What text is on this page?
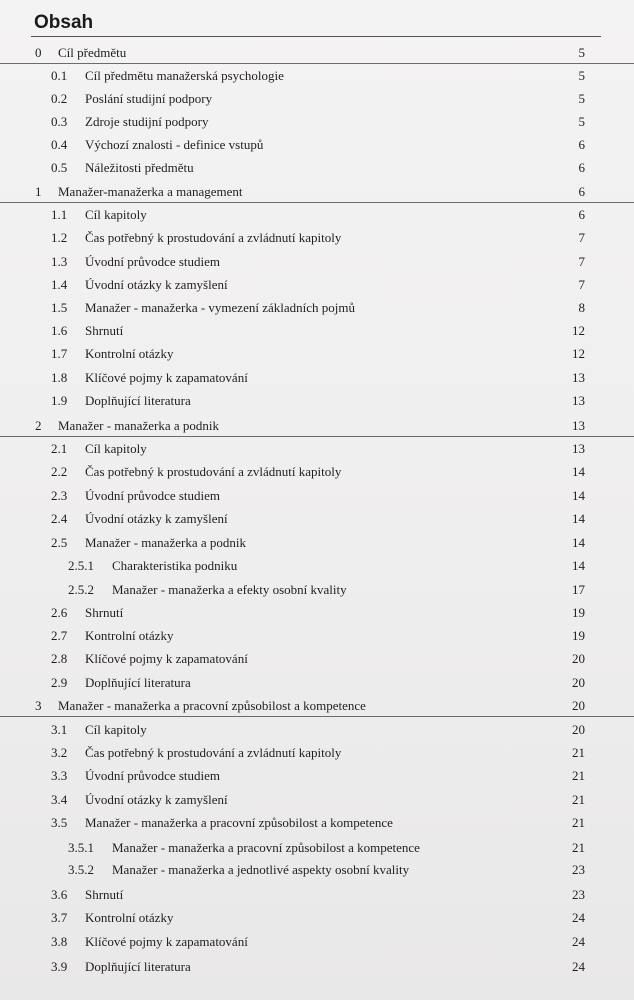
Obsah
0 Cíl předmětu	5
0.1 Cíl předmětu manažerská psychologie	5
0.2 Poslání studijní podpory	5
0.3 Zdroje studijní podpory	5
0.4 Výchozí znalosti - definice vstupů	6
0.5 Náležitosti předmětu	6
1 Manažer-manažerka a management	6
1.1 Cíl kapitoly	6
1.2 Čas potřebný k prostudování a zvládnutí kapitoly	7
1.3 Úvodní průvodce studiem	7
1.4 Úvodní otázky k zamyšlení	7
1.5 Manažer - manažerka - vymezení základních pojmů	8
1.6 Shrnutí	12
1.7 Kontrolní otázky	12
1.8 Klíčové pojmy k zapamatování	13
1.9 Doplňující literatura	13
2 Manažer - manažerka a podnik	13
2.1 Cíl kapitoly	13
2.2 Čas potřebný k prostudování a zvládnutí kapitoly	14
2.3 Úvodní průvodce studiem	14
2.4 Úvodní otázky k zamyšlení	14
2.5 Manažer - manažerka a podnik	14
2.5.1 Charakteristika podniku	14
2.5.2 Manažer - manažerka a efekty osobní kvality	17
2.6 Shrnutí	19
2.7 Kontrolní otázky	19
2.8 Klíčové pojmy k zapamatování	20
2.9 Doplňující literatura	20
3 Manažer - manažerka a pracovní způsobilost a kompetence	20
3.1 Cíl kapitoly	20
3.2 Čas potřebný k prostudování a zvládnutí kapitoly	21
3.3 Úvodní průvodce studiem	21
3.4 Úvodní otázky k zamyšlení	21
3.5 Manažer - manažerka a pracovní způsobilost a kompetence	21
3.5.1 Manažer - manažerka a pracovní způsobilost a kompetence	21
3.5.2 Manažer - manažerka a jednotlivé aspekty osobní kvality	23
3.6 Shrnutí	23
3.7 Kontrolní otázky	24
3.8 Klíčové pojmy k zapamatování	24
3.9 Doplňující literatura	24
